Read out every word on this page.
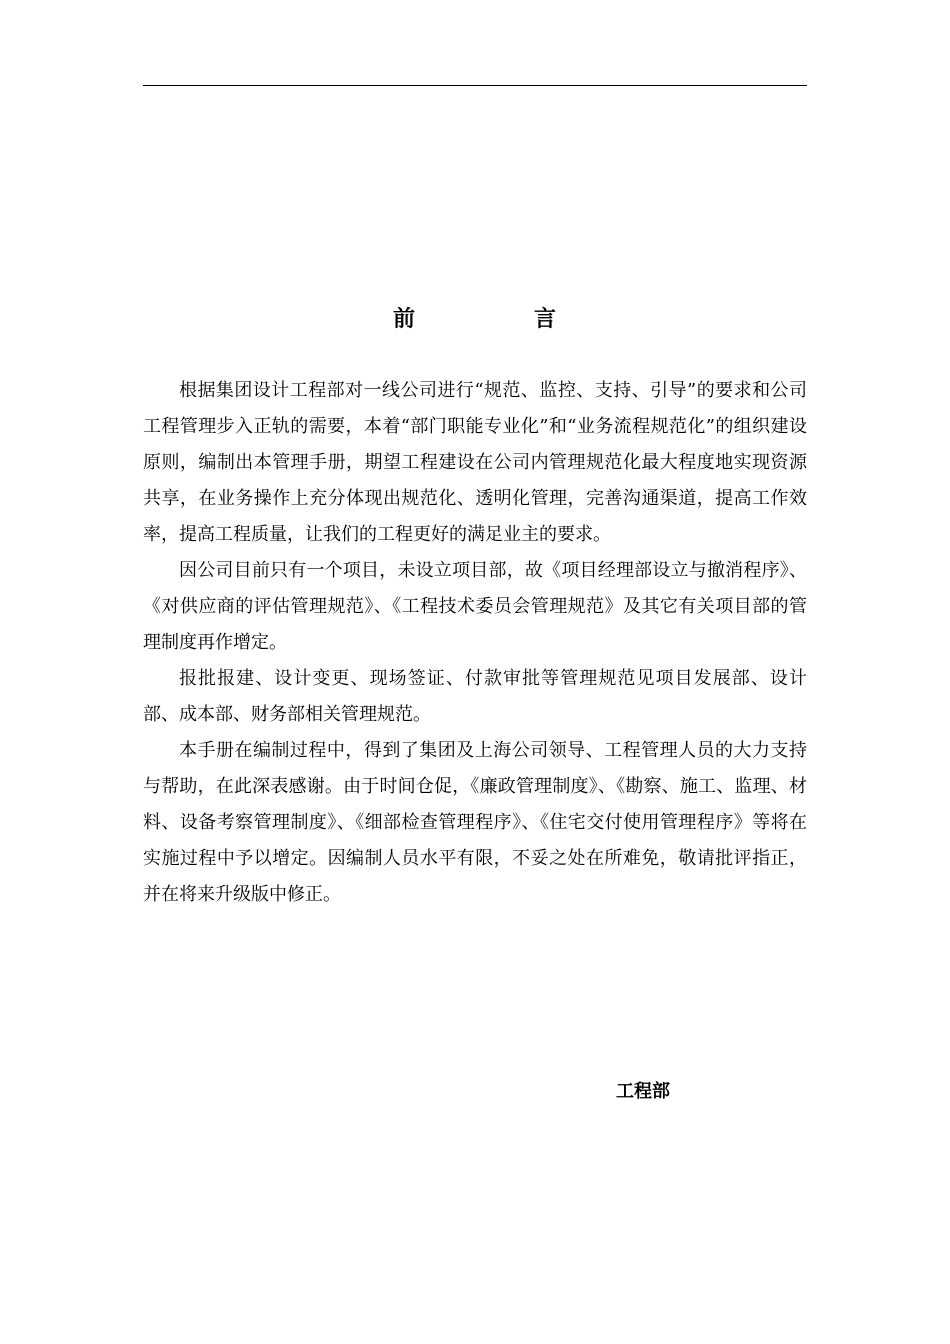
前	言

根据集团设计工程部对一线公司进行“规范、监控、支持、引导”的要求和公司工程管理步入正轨的需要，本着“部门职能专业化”和“业务流程规范化”的组织建设原则，编制出本管理手册，期望工程建设在公司内管理规范化最大程度地实现资源共享，在业务操作上充分体现出规范化、透明化管理，完善沟通渠道，提高工作效率，提高工程质量，让我们的工程更好的满足业主的要求。

因公司目前只有一个项目，未设立项目部，故《项目经理部设立与撤消程序》、《对供应商的评估管理规范》、《工程技术委员会管理规范》及其它有关项目部的管理制度再作增定。

报批报建、设计变更、现场签证、付款审批等管理规范见项目发展部、设计部、成本部、财务部相关管理规范。

本手册在编制过程中，得到了集团及上海公司领导、工程管理人员的大力支持与帮助，在此深表感谢。由于时间仓促，《廉政管理制度》、《勘察、施工、监理、材料、设备考察管理制度》、《细部检查管理程序》、《住宅交付使用管理程序》等将在实施过程中予以增定。因编制人员水平有限，不妥之处在所难免，敬请批评指正，并在将来升级版中修正。

工程部
